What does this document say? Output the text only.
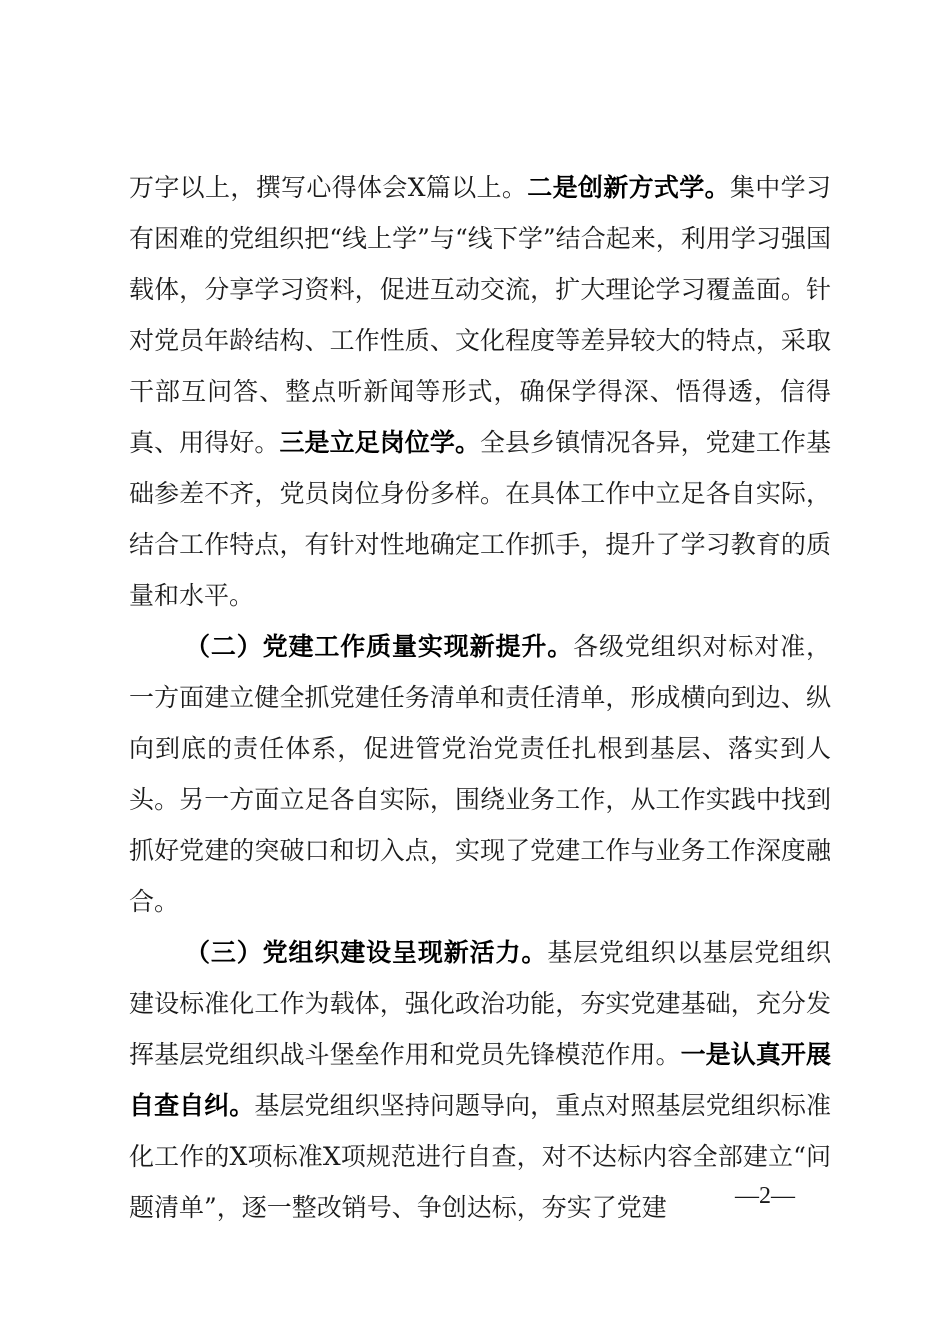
万字以上，撰写心得体会X篇以上。二是创新方式学。集中学习有困难的党组织把“线上学”与“线下学”结合起来，利用学习强国载体，分享学习资料，促进互动交流，扩大理论学习覆盖面。针对党员年龄结构、工作性质、文化程度等差异较大的特点，采取干部互问答、整点听新闻等形式，确保学得深、悟得透，信得真、用得好。三是立足岗位学。全县乡镇情况各异，党建工作基础参差不齐，党员岗位身份多样。在具体工作中立足各自实际，结合工作特点，有针对性地确定工作抓手，提升了学习教育的质量和水平。

（二）党建工作质量实现新提升。各级党组织对标对准，一方面建立健全抓党建任务清单和责任清单，形成横向到边、纵向到底的责任体系，促进管党治党责任扎根到基层、落实到人头。另一方面立足各自实际，围绕业务工作，从工作实践中找到抓好党建的突破口和切入点，实现了党建工作与业务工作深度融合。

（三）党组织建设呈现新活力。基层党组织以基层党组织建设标准化工作为载体，强化政治功能，夯实党建基础，充分发挥基层党组织战斗堡垒作用和党员先锋模范作用。一是认真开展自查自纠。基层党组织坚持问题导向，重点对照基层党组织标准化工作的X项标准X项规范进行自查，对不达标内容全部建立“问题清单”，逐一整改销号、争创达标，夯实了党建	—2—
